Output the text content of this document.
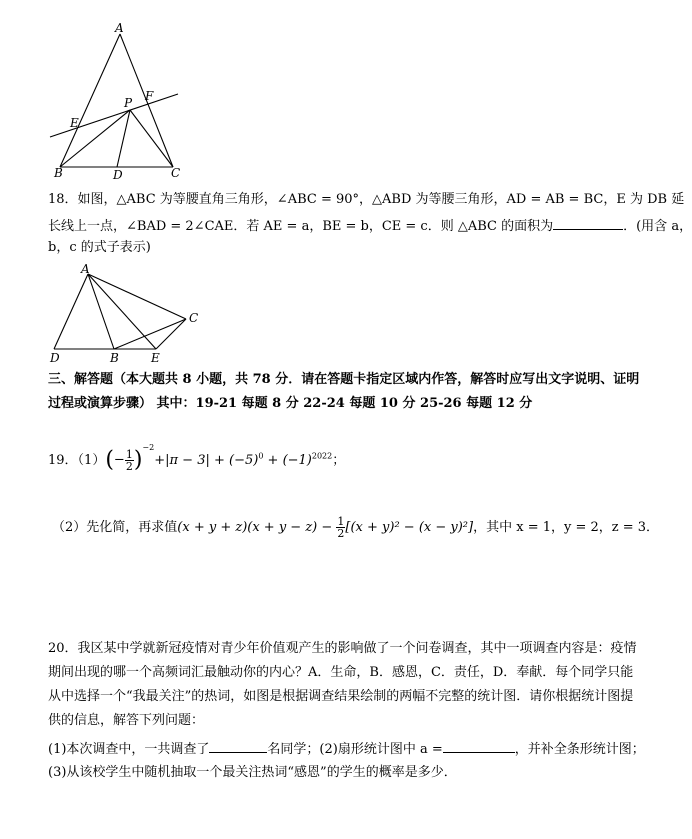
A
P F
E
B	D	C
18．如图，△ABC 为等腰直角三角形，∠ABC = 90°，△ABD 为等腰三角形，AD = AB = BC，E 为 DB 延
长线上一点，∠BAD = 2∠CAE．若 AE = a，BE = b，CE = c．则 △ABC 的面积为	．(用含 a，
b，c 的式子表示)
A
C
D	B	E
三、解答题（本大题共 8 小题，共 78 分．请在答题卡指定区域内作答，解答时应写出文字说明、证明
过程或演算步骤） 其中：19-21 每题 8 分 22-24 每题 10 分 25-26 每题 12 分
19．$(1)(- \frac{1}{2} )^{-2}+|\pi - 3| + (-5)^0 + (-1)^{2022}$；
（2）先化简，再求值$(x + y + z)(x + y - z) - \frac{1}{2} [(x + y)^2 - (x - y)^2]$，其中 x = 1，y = 2，z = 3．
20．我区某中学就新冠疫情对青少年价值观产生的影响做了一个问卷调查，其中一项调查内容是：疫情
期间出现的哪一个高频词汇最触动你的内心？A．生命，B．感恩，C．责任，D．奉献．每个同学只能
从中选择一个“我最关注”的热词，如图是根据调查结果绘制的两幅不完整的统计图．请你根据统计图提
供的信息，解答下列问题：
(1)本次调查中，一共调查了	名同学；(2)扇形统计图中 a =	，并补全条形统计图；
(3)从该校学生中随机抽取一个最关注热词“感恩”的学生的概率是多少．
